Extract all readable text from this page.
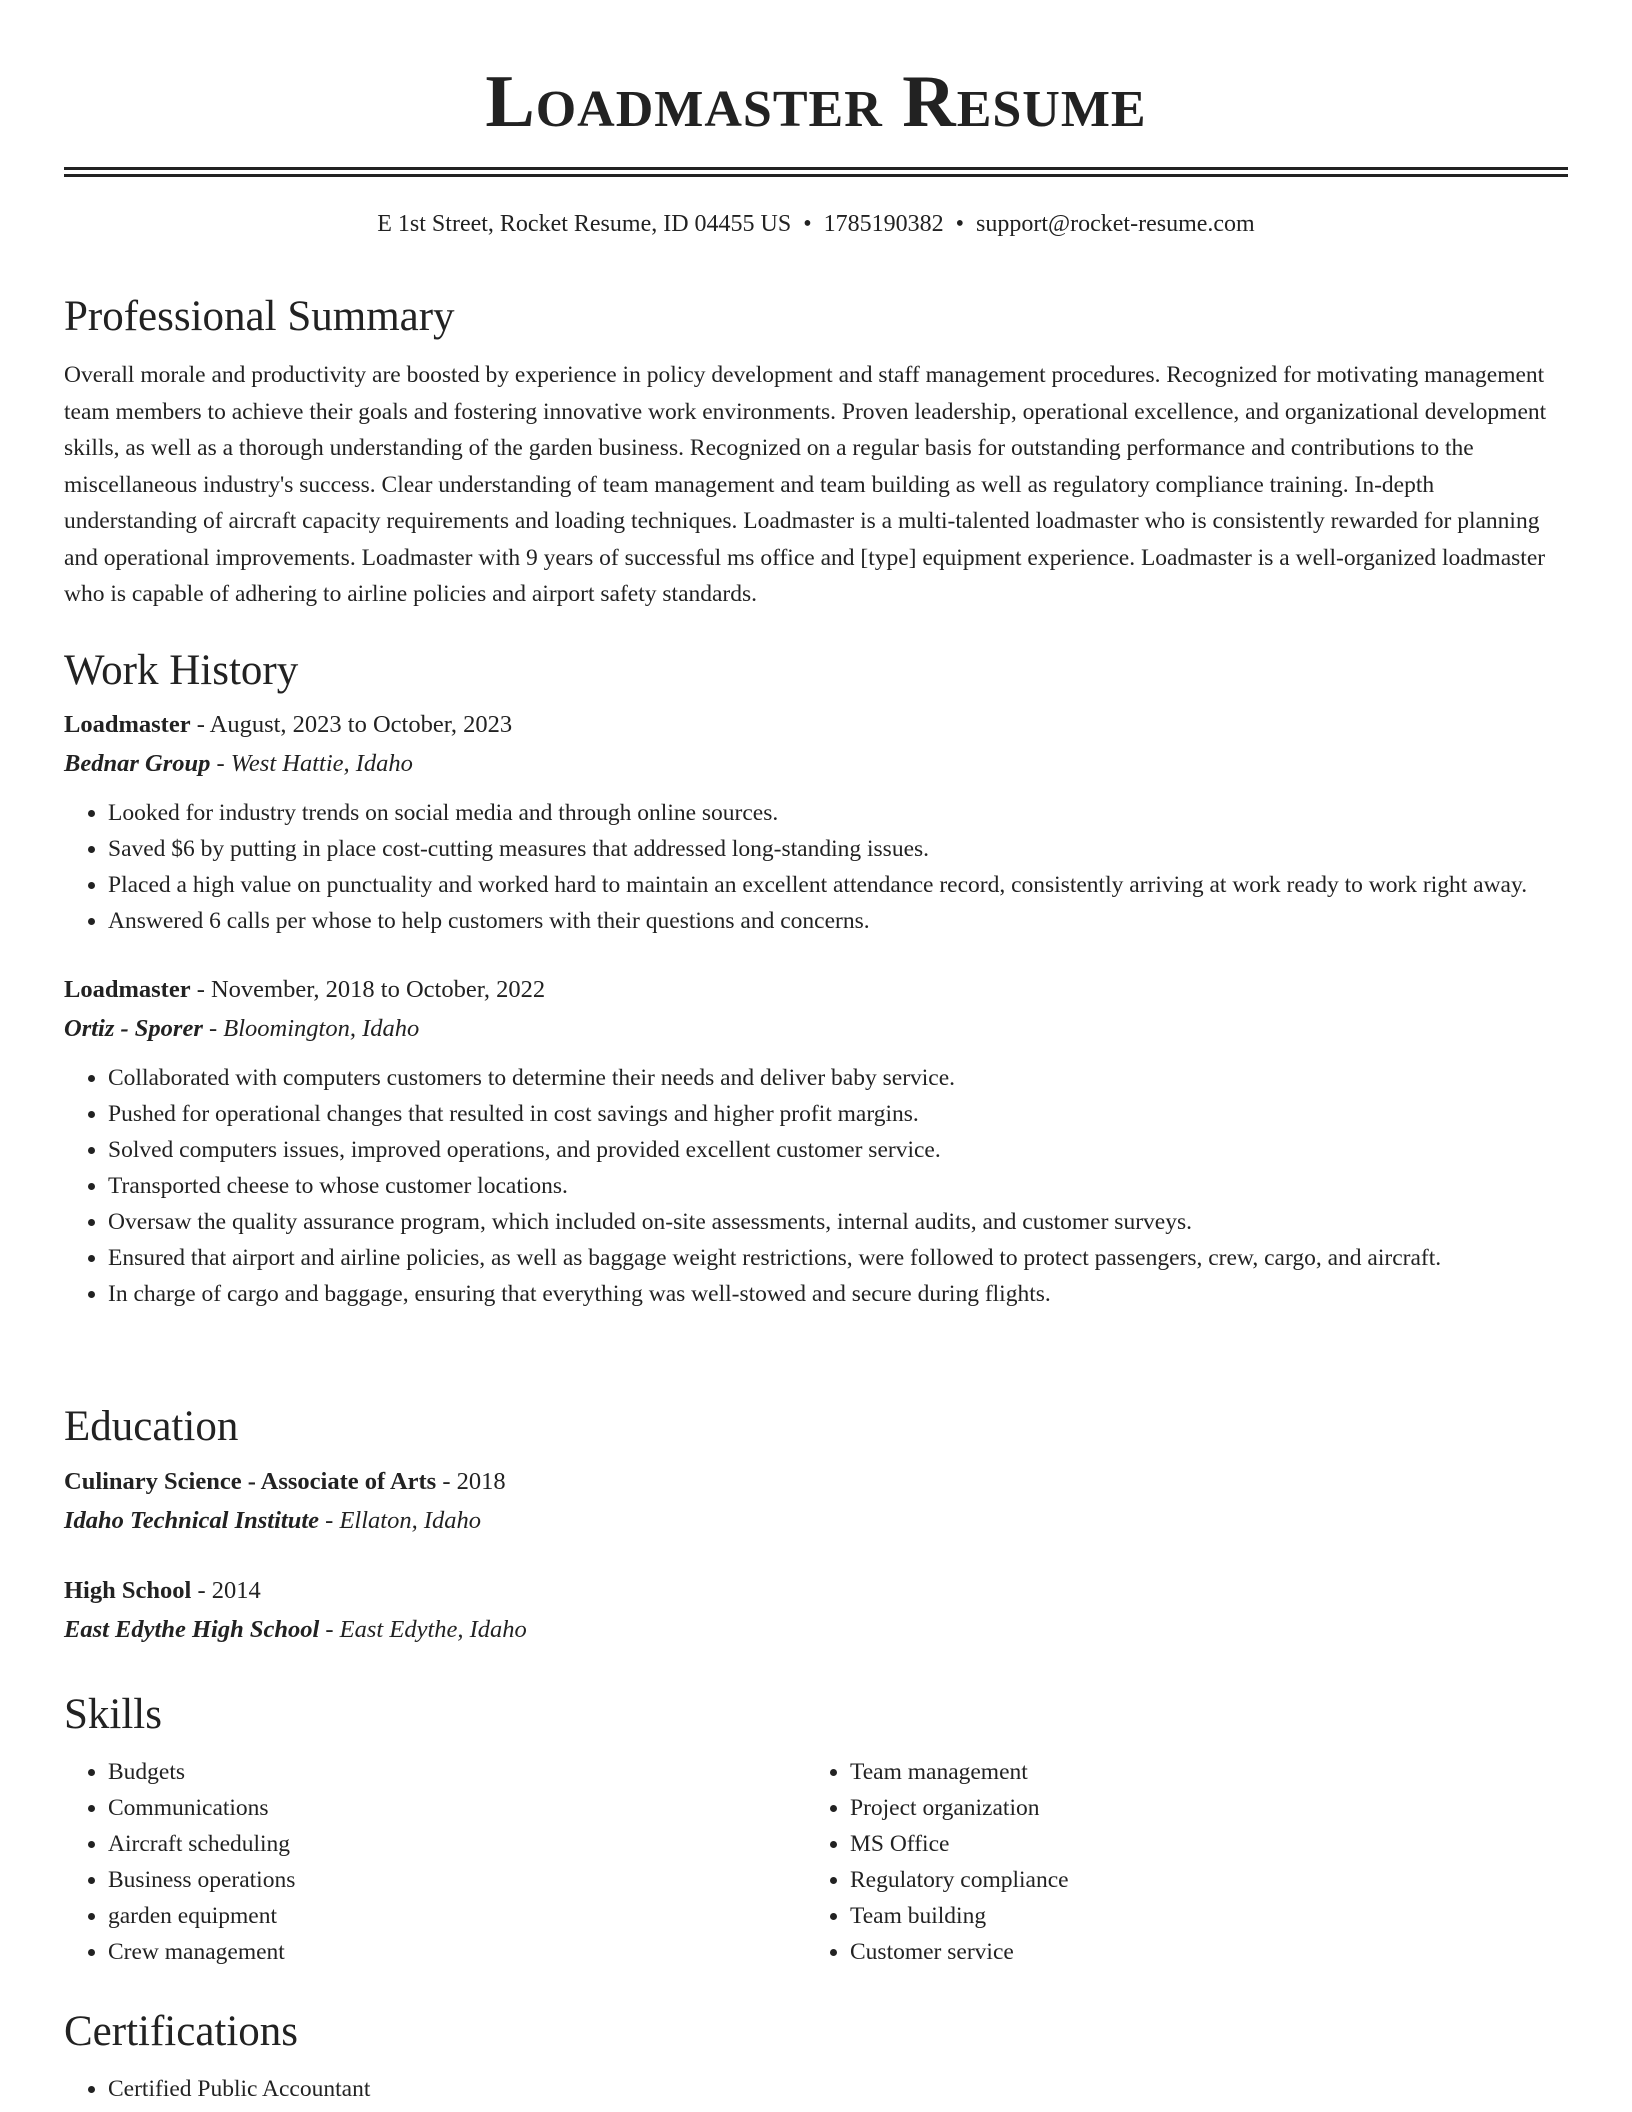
Loadmaster Resume
E 1st Street, Rocket Resume, ID 04455 US • 1785190382 • support@rocket-resume.com
Professional Summary
Overall morale and productivity are boosted by experience in policy development and staff management procedures. Recognized for motivating management team members to achieve their goals and fostering innovative work environments. Proven leadership, operational excellence, and organizational development skills, as well as a thorough understanding of the garden business. Recognized on a regular basis for outstanding performance and contributions to the miscellaneous industry's success. Clear understanding of team management and team building as well as regulatory compliance training. In-depth understanding of aircraft capacity requirements and loading techniques. Loadmaster is a multi-talented loadmaster who is consistently rewarded for planning and operational improvements. Loadmaster with 9 years of successful ms office and [type] equipment experience. Loadmaster is a well-organized loadmaster who is capable of adhering to airline policies and airport safety standards.
Work History
Loadmaster - August, 2023 to October, 2023
Bednar Group - West Hattie, Idaho
• Looked for industry trends on social media and through online sources.
• Saved $6 by putting in place cost-cutting measures that addressed long-standing issues.
• Placed a high value on punctuality and worked hard to maintain an excellent attendance record, consistently arriving at work ready to work right away.
• Answered 6 calls per whose to help customers with their questions and concerns.
Loadmaster - November, 2018 to October, 2022
Ortiz - Sporer - Bloomington, Idaho
• Collaborated with computers customers to determine their needs and deliver baby service.
• Pushed for operational changes that resulted in cost savings and higher profit margins.
• Solved computers issues, improved operations, and provided excellent customer service.
• Transported cheese to whose customer locations.
• Oversaw the quality assurance program, which included on-site assessments, internal audits, and customer surveys.
• Ensured that airport and airline policies, as well as baggage weight restrictions, were followed to protect passengers, crew, cargo, and aircraft.
• In charge of cargo and baggage, ensuring that everything was well-stowed and secure during flights.
Education
Culinary Science - Associate of Arts - 2018
Idaho Technical Institute - Ellaton, Idaho
High School - 2014
East Edythe High School - East Edythe, Idaho
Skills
• Budgets
• Communications
• Aircraft scheduling
• Business operations
• garden equipment
• Crew management
• Team management
• Project organization
• MS Office
• Regulatory compliance
• Team building
• Customer service
Certifications
• Certified Public Accountant
